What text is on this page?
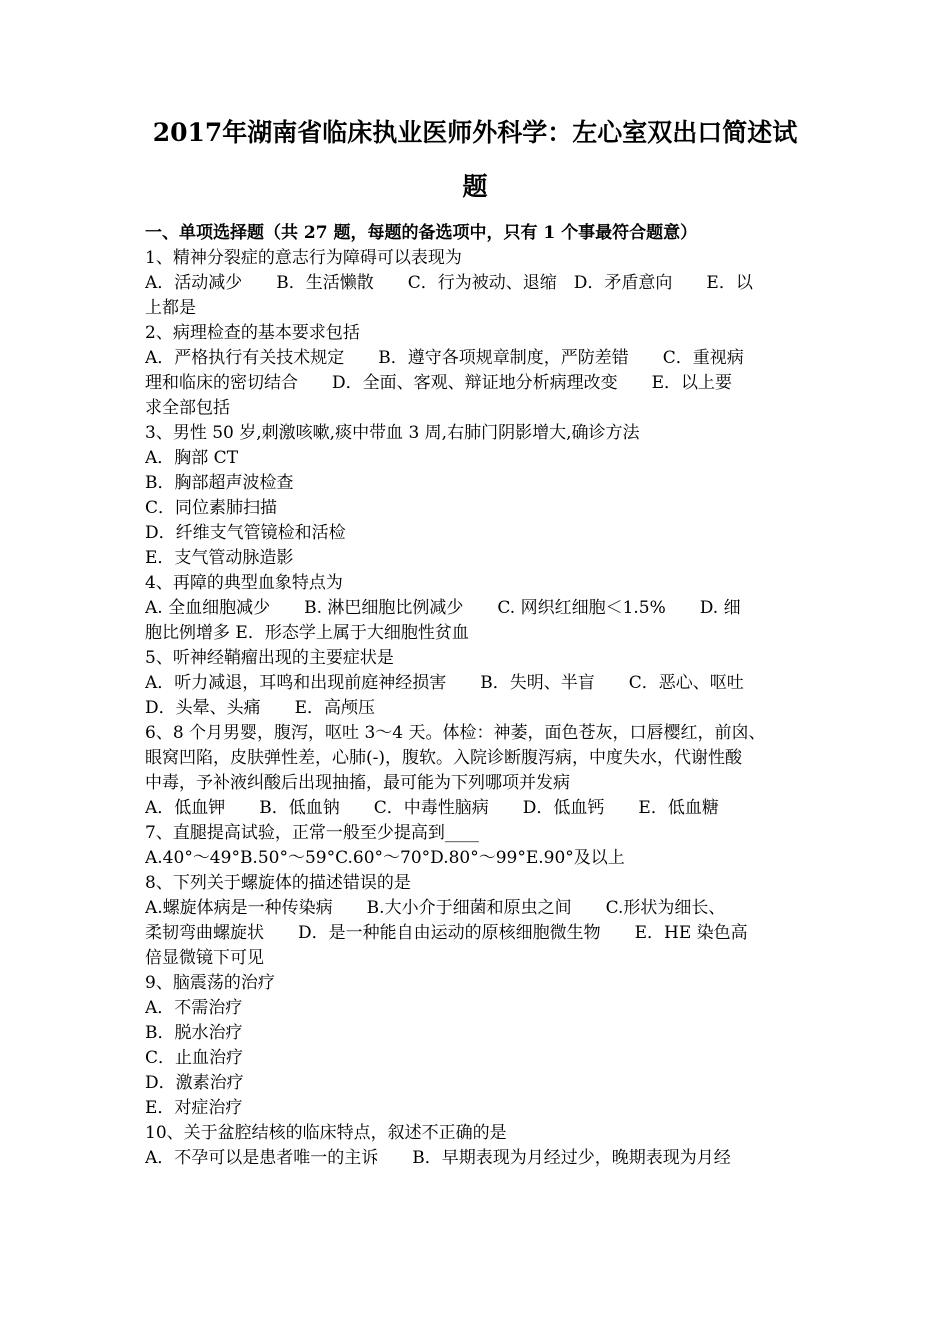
2017年湖南省临床执业医师外科学：左心室双出口简述试
题
一、单项选择题（共 27 题，每题的备选项中，只有 1 个事最符合题意）
1、精神分裂症的意志行为障碍可以表现为
A．活动减少　　B．生活懒散　　C．行为被动、退缩　D．矛盾意向　　E．以
上都是
2、病理检查的基本要求包括
A．严格执行有关技术规定　　B．遵守各项规章制度，严防差错　　C．重视病
理和临床的密切结合　　D．全面、客观、辩证地分析病理改变　　E．以上要
求全部包括
3、男性 50 岁,刺激咳嗽,痰中带血 3 周,右肺门阴影增大,确诊方法
A．胸部 CT
B．胸部超声波检查
C．同位素肺扫描
D．纤维支气管镜检和活检
E．支气管动脉造影
4、再障的典型血象特点为
A. 全血细胞减少　　B. 淋巴细胞比例减少　　C. 网织红细胞＜1.5%　　D. 细
胞比例增多 E．形态学上属于大细胞性贫血
5、听神经鞘瘤出现的主要症状是
A．听力减退，耳鸣和出现前庭神经损害　　B．失明、半盲　　C．恶心、呕吐
D．头晕、头痛　　E．高颅压
6、8 个月男婴，腹泻，呕吐 3～4 天。体检：神萎，面色苍灰，口唇樱红，前囟、
眼窝凹陷，皮肤弹性差，心肺(-)，腹软。入院诊断腹泻病，中度失水，代谢性酸
中毒，予补液纠酸后出现抽搐，最可能为下列哪项并发病
A．低血钾　　B．低血钠　　C．中毒性脑病　　D．低血钙　　E．低血糖
7、直腿提高试验，正常一般至少提高到____
A.40°～49°B.50°～59°C.60°～70°D.80°～99°E.90°及以上
8、下列关于螺旋体的描述错误的是
A.螺旋体病是一种传染病　　B.大小介于细菌和原虫之间　　C.形状为细长、
柔韧弯曲螺旋状　　D．是一种能自由运动的原核细胞微生物　　E．HE 染色高
倍显微镜下可见
9、脑震荡的治疗
A．不需治疗
B．脱水治疗
C．止血治疗
D．激素治疗
E．对症治疗
10、关于盆腔结核的临床特点，叙述不正确的是
A．不孕可以是患者唯一的主诉　　B．早期表现为月经过少，晚期表现为月经
